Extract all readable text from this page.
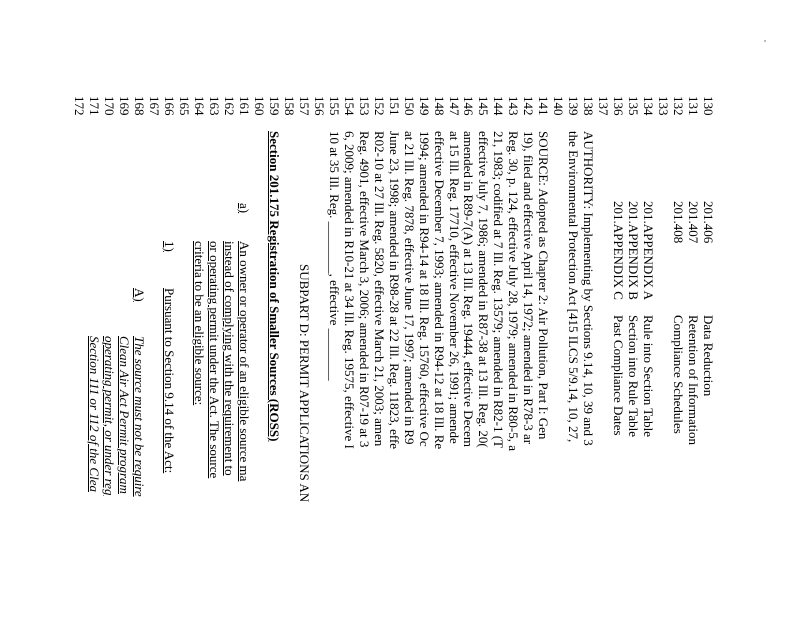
130
131
132
133
134
135
136
137
138
139
140
141
142
143
144
145
146
147
148
149
150
151
152
153
154
155
156
157
158
159
160
161
162
163
164
165
166
167
168
169
170
171
172
201.406
Data Reduction
201.407
Retention of Information
201.408
Compliance Schedules
201.APPENDIX A
Rule into Section Table
201.APPENDIX B
Section into Rule Table
201.APPENDIX C
Past Compliance Dates
AUTHORITY: Implementing by Sections 9.14, 10, 39 and 3
the Environmental Protection Act [415 ILCS 5/9.14, 10, 27,
SOURCE: Adopted as Chapter 2: Air Pollution, Part I: Gen
19), filed and effective April 14, 1972; amended in R78-3 ar
Reg. 30, p. 124, effective July 28, 1979; amended in R80-5, a
21, 1983; codified at 7 Ill. Reg. 13579; amended in R82-1 (T
effective July 7, 1986; amended in R87-38 at 13 Ill. Reg. 20(
amended in R89-7(A) at 13 Ill. Reg. 19444, effective Decem
at 15 Ill. Reg. 17710, effective November 26, 1991; amende
effective December 7, 1993; amended in R94-12 at 18 Ill. Re
1994; amended in R94-14 at 18 Ill. Reg. 15760, effective Oc
at 21 Ill. Reg. 7878, effective June 17, 1997; amended in R9
June 23, 1998; amended in R98-28 at 22 Ill. Reg. 11823, effe
R02-10 at 27 Ill. Reg. 5820, effective March 21, 2003; amen
Reg. 4901, effective March 3, 2006; amended in R07-19 at 3
6, 2009; amended in R10-21 at 34 Ill. Reg. 19575, effective I
10 at 35 Ill. Reg. ________, effective ________
SUBPART D: PERMIT APPLICATIONS AN
Section 201.175 Registration of Smaller Sources (ROSS)
a)
An owner or operator of an eligible source ma
instead of complying with the requirement to
or operating permit under the Act. The source
criteria to be an eligible source:
1)
Pursuant to Section 9.14 of the Act:
A)
The source must not be require
Clean Air Act Permit program
operating permit, or under reg
Section 111 or 112 of the Clea
